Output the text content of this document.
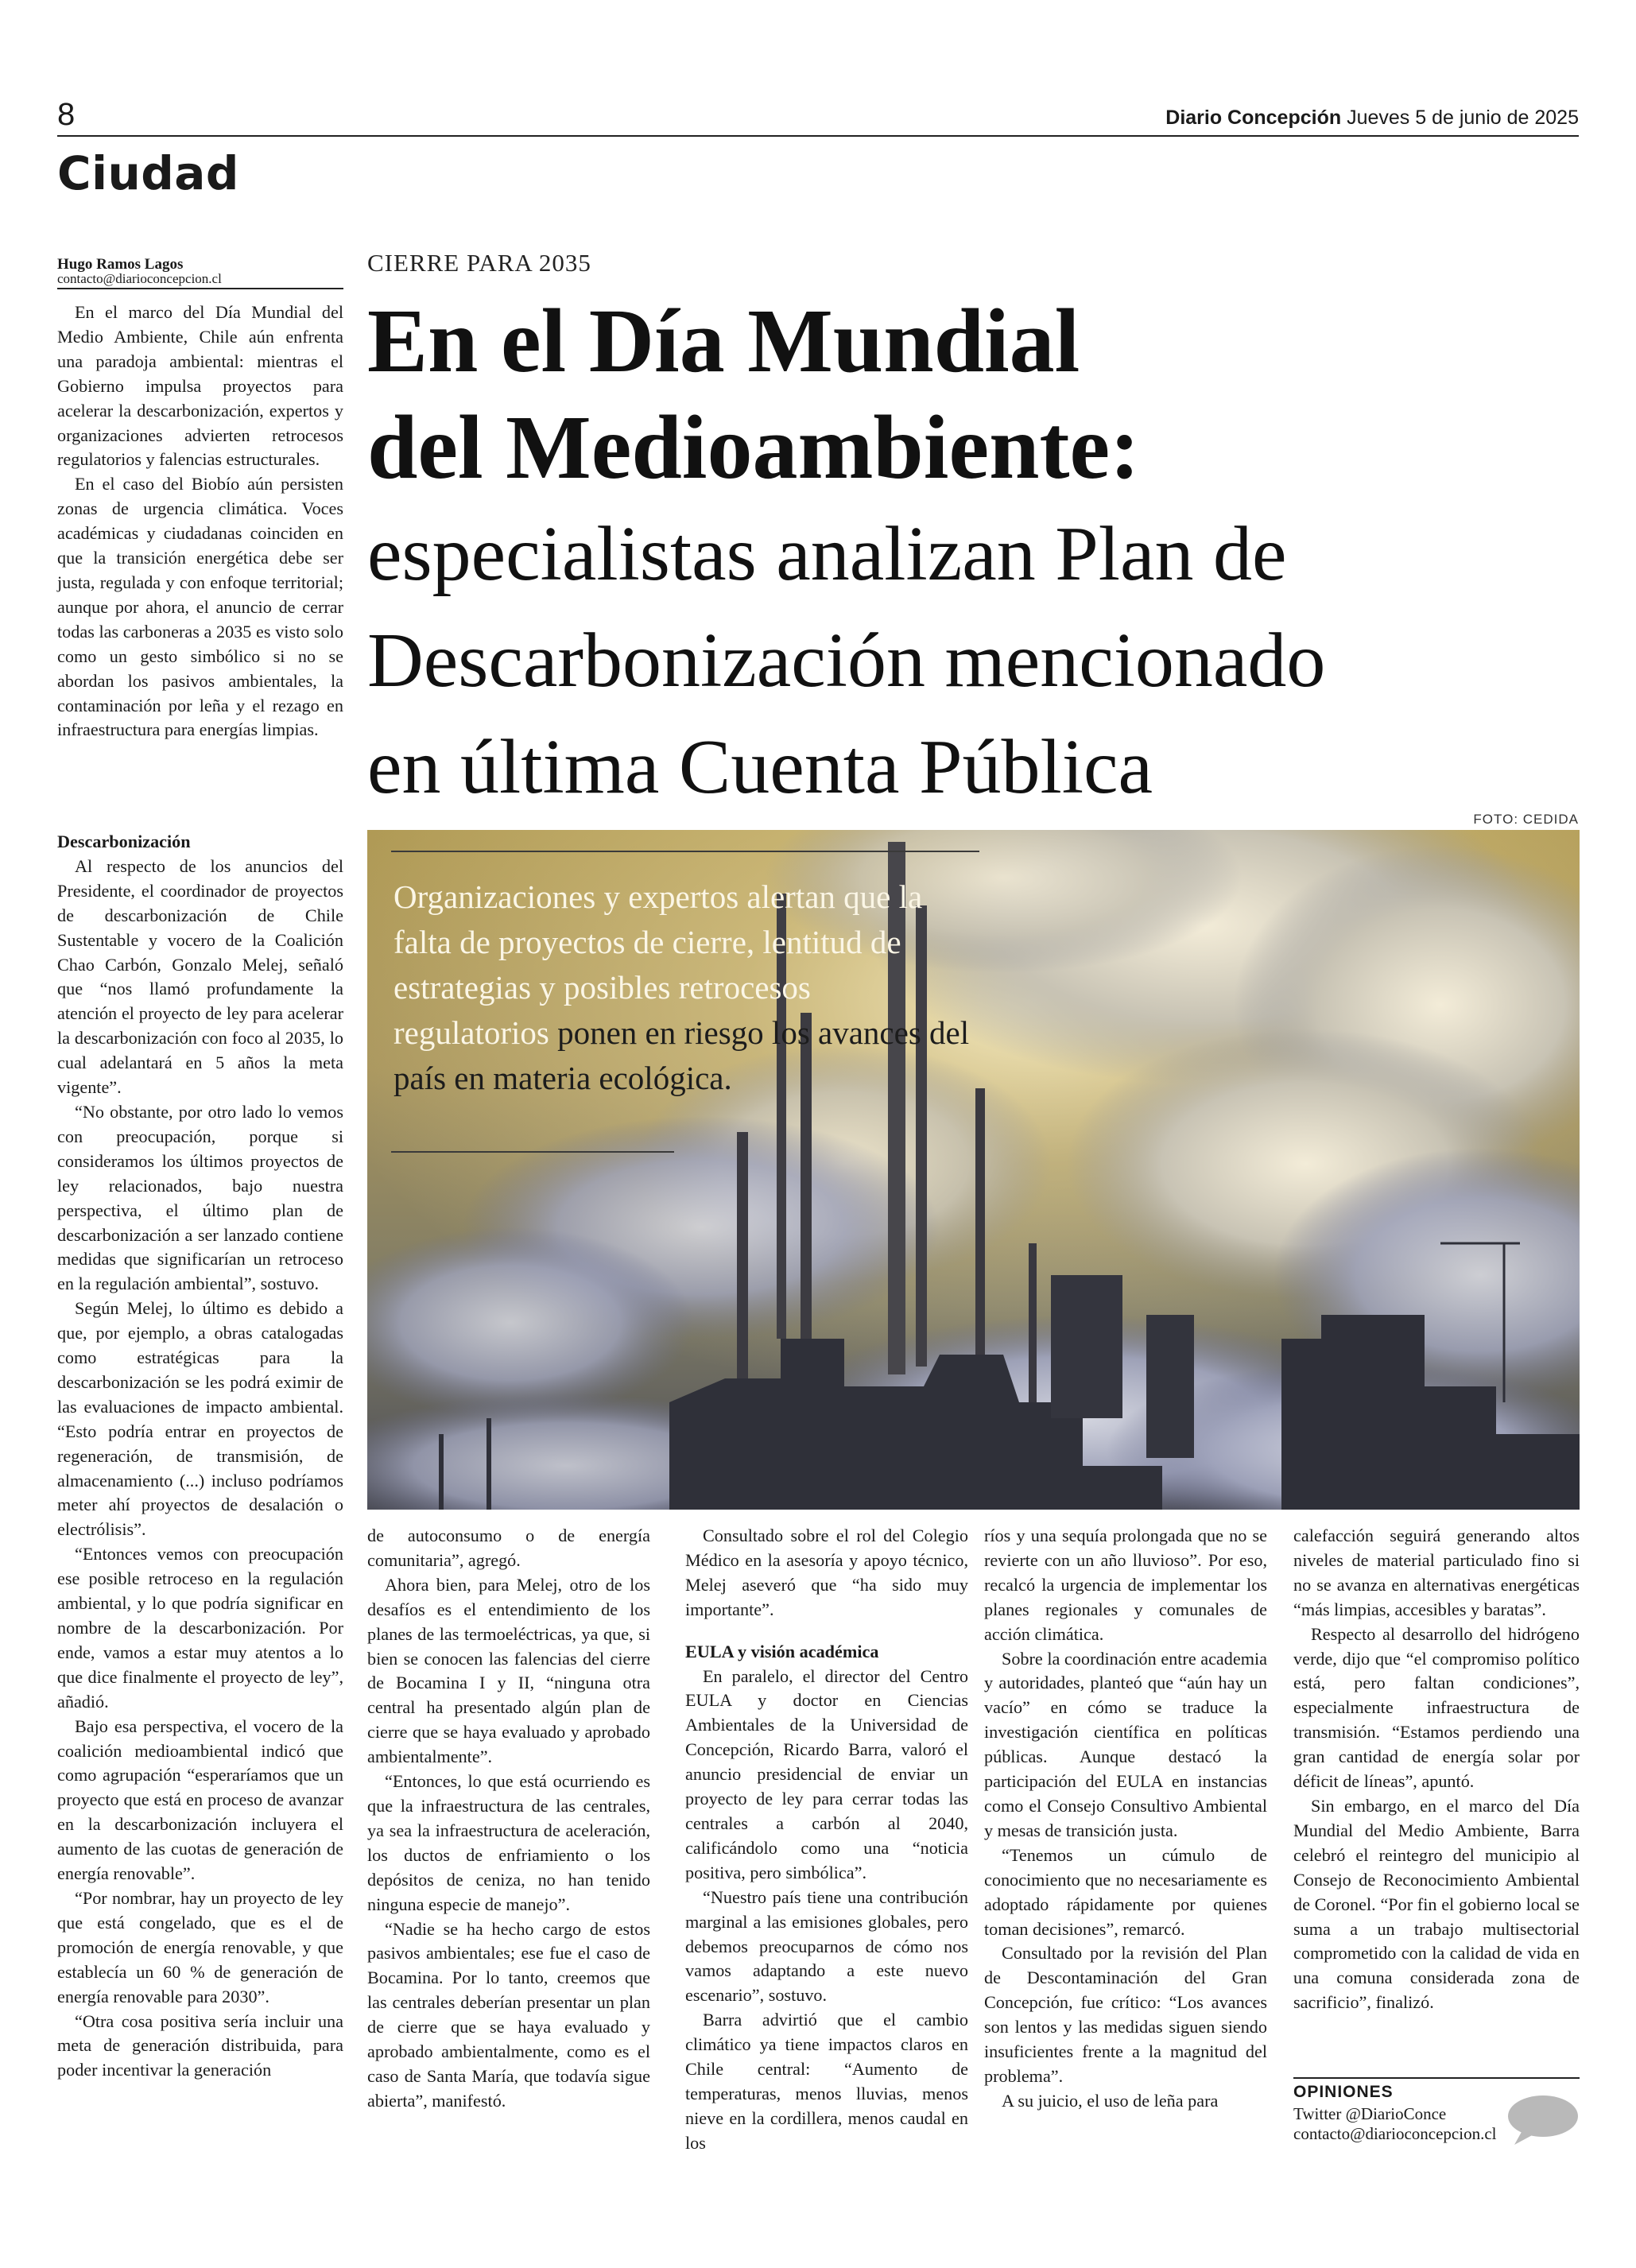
8	Diario Concepción Jueves 5 de junio de 2025
Ciudad
Hugo Ramos Lagos
contacto@diarioconcepcion.cl
CIERRE PARA 2035
En el Día Mundial
del Medioambiente:
especialistas analizan Plan de
Descarbonización mencionado
en última Cuenta Pública
FOTO: CEDIDA
Organizaciones y expertos alertan que la falta de proyectos de cierre, lentitud de estrategias y posibles retrocesos regulatorios ponen en riesgo los avances del país en materia ecológica.

En el marco del Día Mundial del Medio Ambiente, Chile aún enfrenta una paradoja ambiental: mientras el Gobierno impulsa proyectos para acelerar la descarbonización, expertos y organizaciones advierten retrocesos regulatorios y falencias estructurales.

En el caso del Biobío aún persisten zonas de urgencia climática. Voces académicas y ciudadanas coinciden en que la transición energética debe ser justa, regulada y con enfoque territorial; aunque por ahora, el anuncio de cerrar todas las carboneras a 2035 es visto solo como un gesto simbólico si no se abordan los pasivos ambientales, la contaminación por leña y el rezago en infraestructura para energías limpias.

Descarbonización

Al respecto de los anuncios del Presidente, el coordinador de proyectos de descarbonización de Chile Sustentable y vocero de la Coalición Chao Carbón, Gonzalo Melej, señaló que “nos llamó profundamente la atención el proyecto de ley para acelerar la descarbonización con foco al 2035, lo cual adelantará en 5 años la meta vigente”.

“No obstante, por otro lado lo vemos con preocupación, porque si consideramos los últimos proyectos de ley relacionados, bajo nuestra perspectiva, el último plan de descarbonización a ser lanzado contiene medidas que significarían un retroceso en la regulación ambiental”, sostuvo.

Según Melej, lo último es debido a que, por ejemplo, a obras catalogadas como estratégicas para la descarbonización se les podrá eximir de las evaluaciones de impacto ambiental. “Esto podría entrar en proyectos de regeneración, de transmisión, de almacenamiento (...) incluso podríamos meter ahí proyectos de desalación o electrólisis”.

“Entonces vemos con preocupación ese posible retroceso en la regulación ambiental, y lo que podría significar en nombre de la descarbonización. Por ende, vamos a estar muy atentos a lo que dice finalmente el proyecto de ley”, añadió.

Bajo esa perspectiva, el vocero de la coalición medioambiental indicó que como agrupación “esperaríamos que un proyecto que está en proceso de avanzar en la descarbonización incluyera el aumento de las cuotas de generación de energía renovable”.

“Por nombrar, hay un proyecto de ley que está congelado, que es el de promoción de energía renovable, y que establecía un 60 % de generación de energía renovable para 2030”.

“Otra cosa positiva sería incluir una meta de generación distribuida, para poder incentivar la generación

de autoconsumo o de energía comunitaria”, agregó.

Ahora bien, para Melej, otro de los desafíos es el entendimiento de los planes de las termoeléctricas, ya que, si bien se conocen las falencias del cierre de Bocamina I y II, “ninguna otra central ha presentado algún plan de cierre que se haya evaluado y aprobado ambientalmente”.

“Entonces, lo que está ocurriendo es que la infraestructura de las centrales, ya sea la infraestructura de aceleración, los ductos de enfriamiento o los depósitos de ceniza, no han tenido ninguna especie de manejo”.

“Nadie se ha hecho cargo de estos pasivos ambientales; ese fue el caso de Bocamina. Por lo tanto, creemos que las centrales deberían presentar un plan de cierre que se haya evaluado y aprobado ambientalmente, como es el caso de Santa María, que todavía sigue abierta”, manifestó.

Consultado sobre el rol del Colegio Médico en la asesoría y apoyo técnico, Melej aseveró que “ha sido muy importante”.

EULA y visión académica

En paralelo, el director del Centro EULA y doctor en Ciencias Ambientales de la Universidad de Concepción, Ricardo Barra, valoró el anuncio presidencial de enviar un proyecto de ley para cerrar todas las centrales a carbón al 2040, calificándolo como una “noticia positiva, pero simbólica”.

“Nuestro país tiene una contribución marginal a las emisiones globales, pero debemos preocuparnos de cómo nos vamos adaptando a este nuevo escenario”, sostuvo.

Barra advirtió que el cambio climático ya tiene impactos claros en Chile central: “Aumento de temperaturas, menos lluvias, menos nieve en la cordillera, menos caudal en los

ríos y una sequía prolongada que no se revierte con un año lluvioso”. Por eso, recalcó la urgencia de implementar los planes regionales y comunales de acción climática.

Sobre la coordinación entre academia y autoridades, planteó que “aún hay un vacío” en cómo se traduce la investigación científica en políticas públicas. Aunque destacó la participación del EULA en instancias como el Consejo Consultivo Ambiental y mesas de transición justa.

“Tenemos un cúmulo de conocimiento que no necesariamente es adoptado rápidamente por quienes toman decisiones”, remarcó.

Consultado por la revisión del Plan de Descontaminación del Gran Concepción, fue crítico: “Los avances son lentos y las medidas siguen siendo insuficientes frente a la magnitud del problema”.

A su juicio, el uso de leña para

calefacción seguirá generando altos niveles de material particulado fino si no se avanza en alternativas energéticas “más limpias, accesibles y baratas”.

Respecto al desarrollo del hidrógeno verde, dijo que “el compromiso político está, pero faltan condiciones”, especialmente infraestructura de transmisión. “Estamos perdiendo una gran cantidad de energía solar por déficit de líneas”, apuntó.

Sin embargo, en el marco del Día Mundial del Medio Ambiente, Barra celebró el reintegro del municipio al Consejo de Reconocimiento Ambiental de Coronel. “Por fin el gobierno local se suma a un trabajo multisectorial comprometido con la calidad de vida en una comuna considerada zona de sacrificio”, finalizó.

OPINIONES
Twitter @DiarioConce
contacto@diarioconcepcion.cl
